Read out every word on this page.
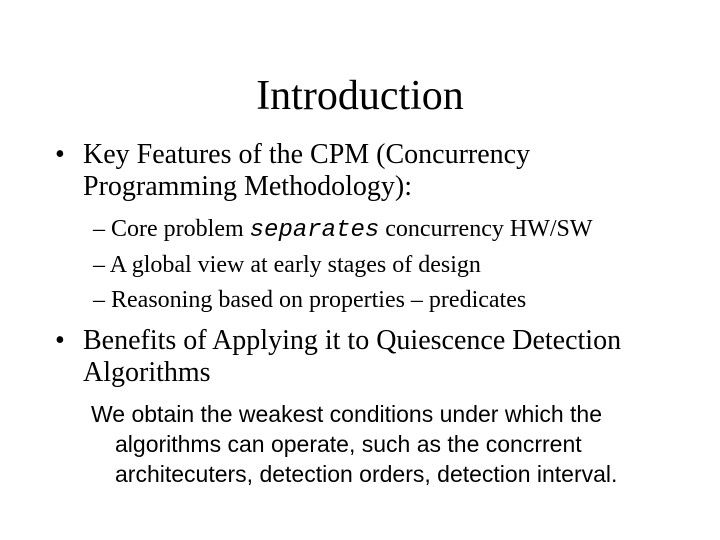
Introduction
• Key Features of the CPM (Concurrency Programming Methodology):
– Core problem separates concurrency HW/SW
– A global view at early stages of design
– Reasoning based on properties – predicates
• Benefits of Applying it to Quiescence Detection Algorithms

We obtain the weakest conditions under which the algorithms can operate, such as the concrrent architecuters, detection orders, detection interval.
